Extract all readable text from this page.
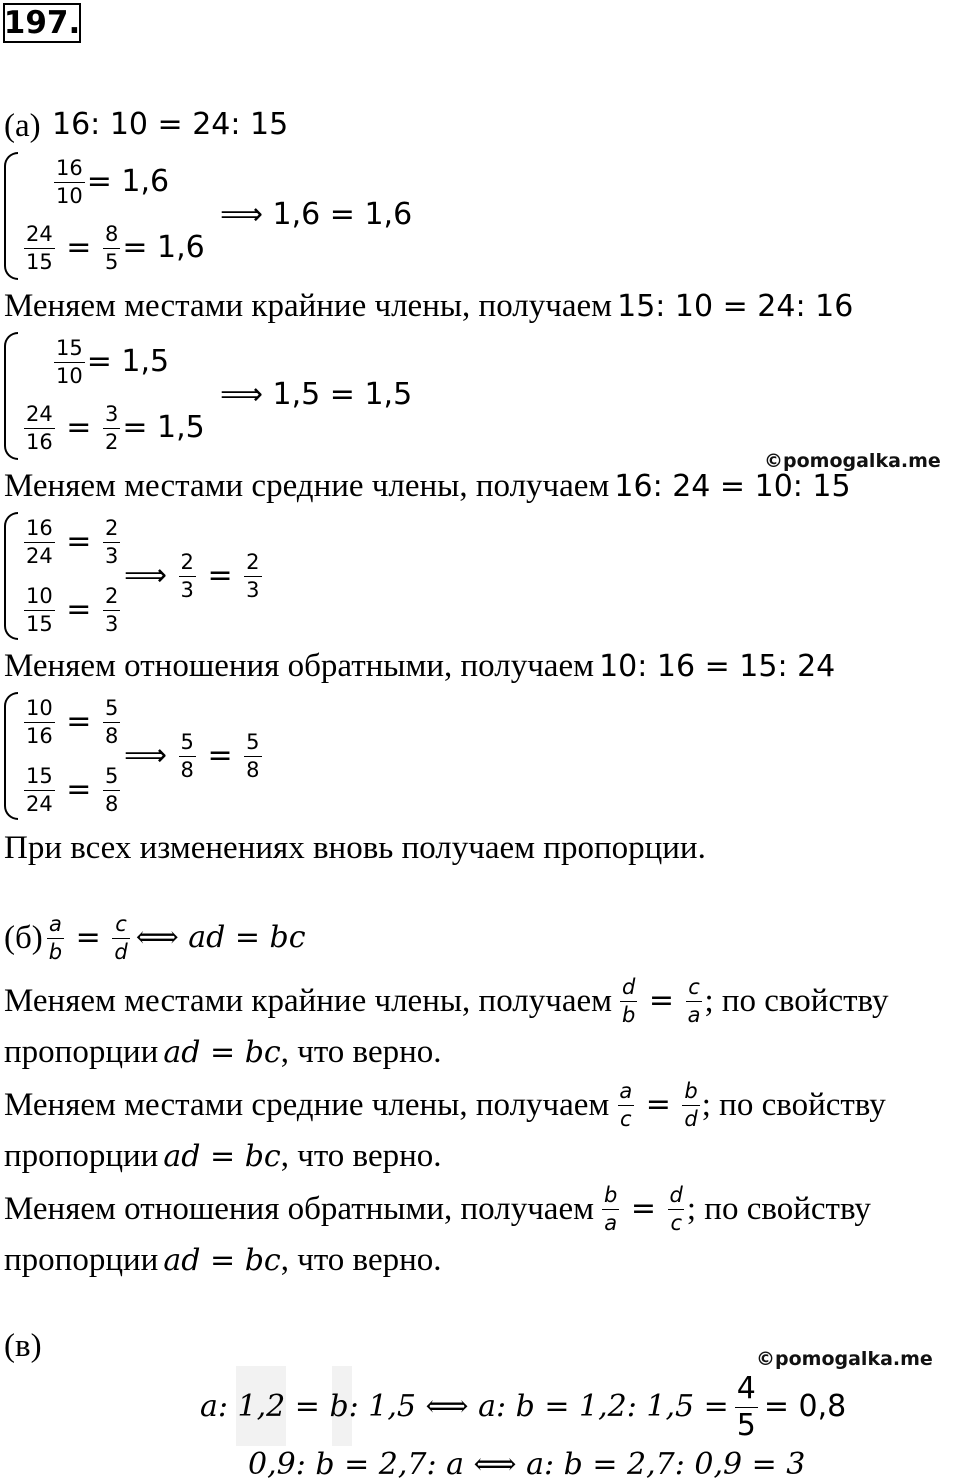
197.
(а) 16: 10 = 24: 15
$\frac{16}{10} = 1,6$
$\frac{24}{15} = \frac{8}{5} = 1,6$
⟹ 1,6 = 1,6
Меняем местами крайние члены, получаем 15: 10 = 24: 16
$\frac{15}{10} = 1,5$
$\frac{24}{16} = \frac{3}{2} = 1,5$
⟹ 1,5 = 1,5
©pomogalka.me
Меняем местами средние члены, получаем 16: 24 = 10: 15
$\frac{16}{24} = \frac{2}{3}$
$\frac{10}{15} = \frac{2}{3}$
⟹ $\frac{2}{3} = \frac{2}{3}$
Меняем отношения обратными, получаем 10: 16 = 15: 24
$\frac{10}{16} = \frac{5}{8}$
$\frac{15}{24} = \frac{5}{8}$
⟹ $\frac{5}{8} = \frac{5}{8}$
При всех изменениях вновь получаем пропорции.
$(б) \frac{a}{b} = \frac{c}{d}$ ⟺ ad = bc
Меняем местами крайние члены, получаем $\frac{d}{b} = \frac{c}{a}$ ; по свойству
пропорции ad = bc, что верно.
Меняем местами средние члены, получаем $\frac{a}{c} = \frac{b}{d}$ ; по свойству
пропорции ad = bc, что верно.
Меняем отношения обратными, получаем $\frac{b}{a} = \frac{d}{c}$ ; по свойству
пропорции ad = bc, что верно.
(в)	©pomogalka.me
a: 1,2 = b: 1,5 ⟺ a: b = 1,2: $1,5 = \frac{4}{5} = 0,8$
0,9: b = 2,7: a ⟺ a: b = 2,7: 0,9 = 3
